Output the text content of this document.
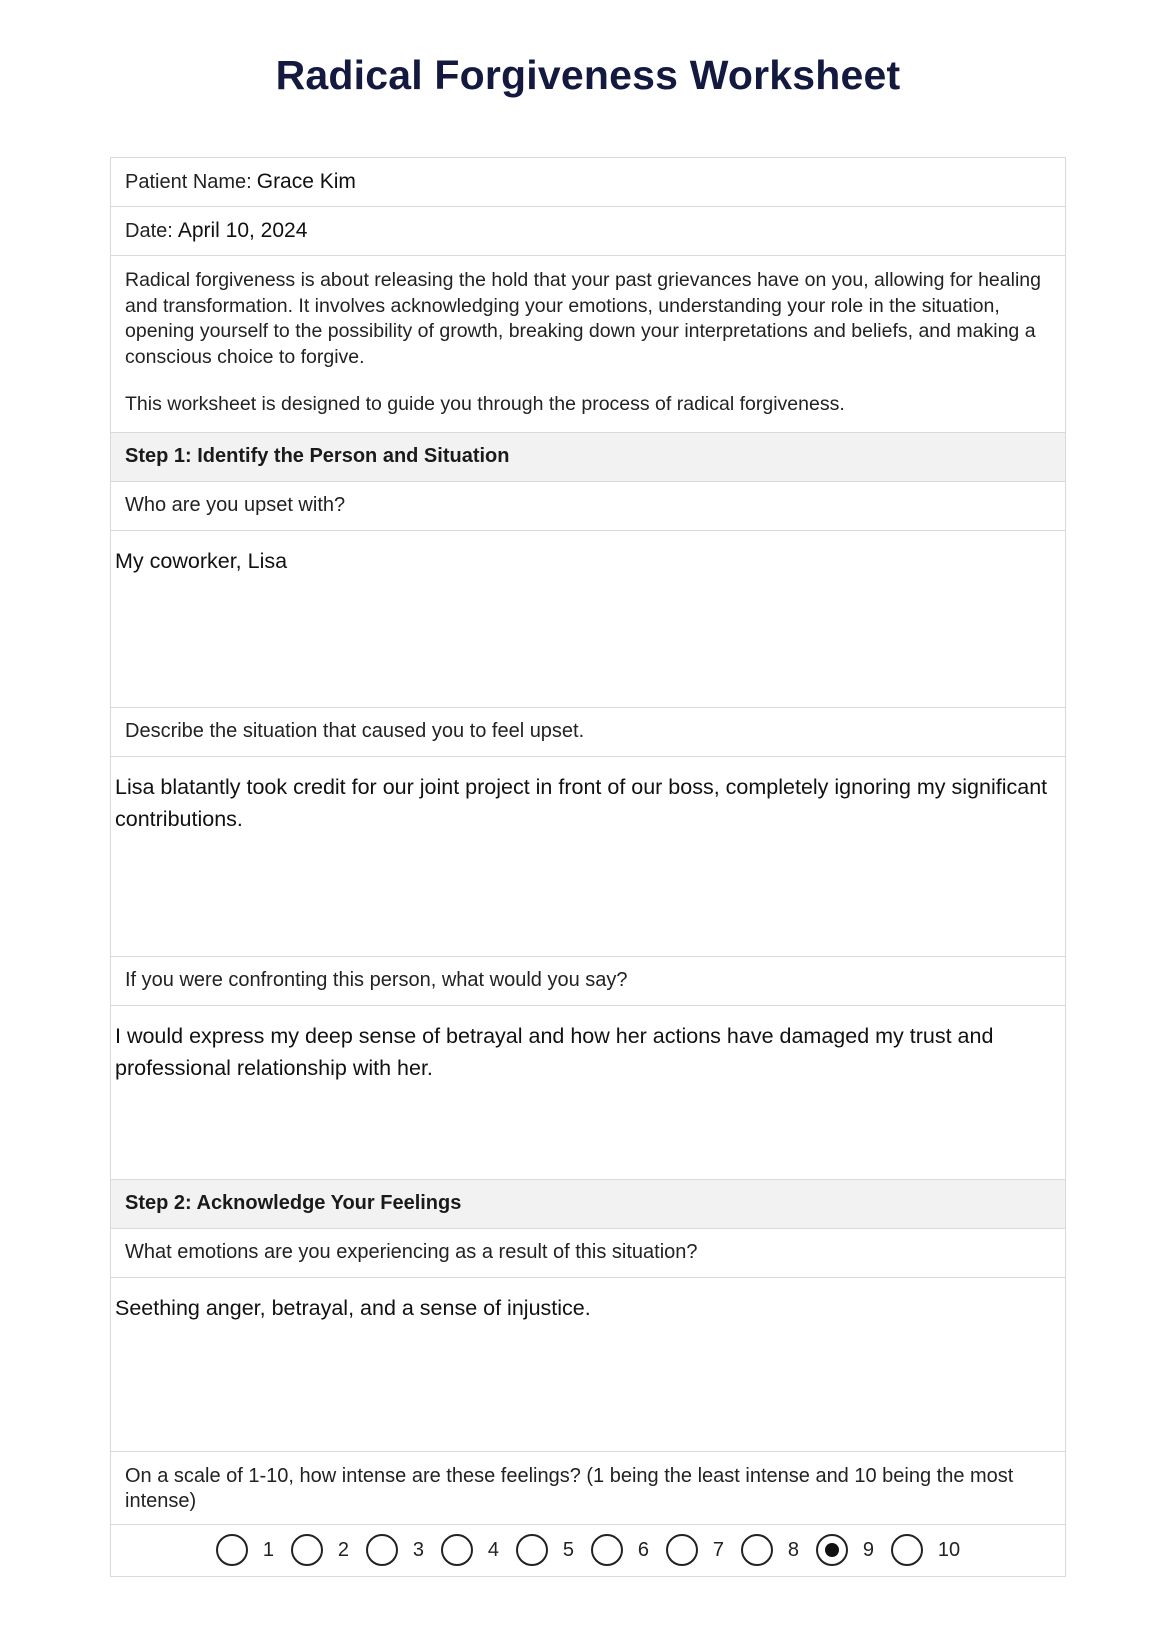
Radical Forgiveness Worksheet
Patient Name: Grace Kim
Date: April 10, 2024

Radical forgiveness is about releasing the hold that your past grievances have on you, allowing for healing and transformation. It involves acknowledging your emotions, understanding your role in the situation, opening yourself to the possibility of growth, breaking down your interpretations and beliefs, and making a conscious choice to forgive.

This worksheet is designed to guide you through the process of radical forgiveness.

Step 1: Identify the Person and Situation
Who are you upset with?
My coworker, Lisa
Describe the situation that caused you to feel upset.
Lisa blatantly took credit for our joint project in front of our boss, completely ignoring my significant contributions.
If you were confronting this person, what would you say?
I would express my deep sense of betrayal and how her actions have damaged my trust and professional relationship with her.
Step 2: Acknowledge Your Feelings
What emotions are you experiencing as a result of this situation?
Seething anger, betrayal, and a sense of injustice.
On a scale of 1-10, how intense are these feelings? (1 being the least intense and 10 being the most intense)
1	2	3	4	5	6	7	8	9	10
